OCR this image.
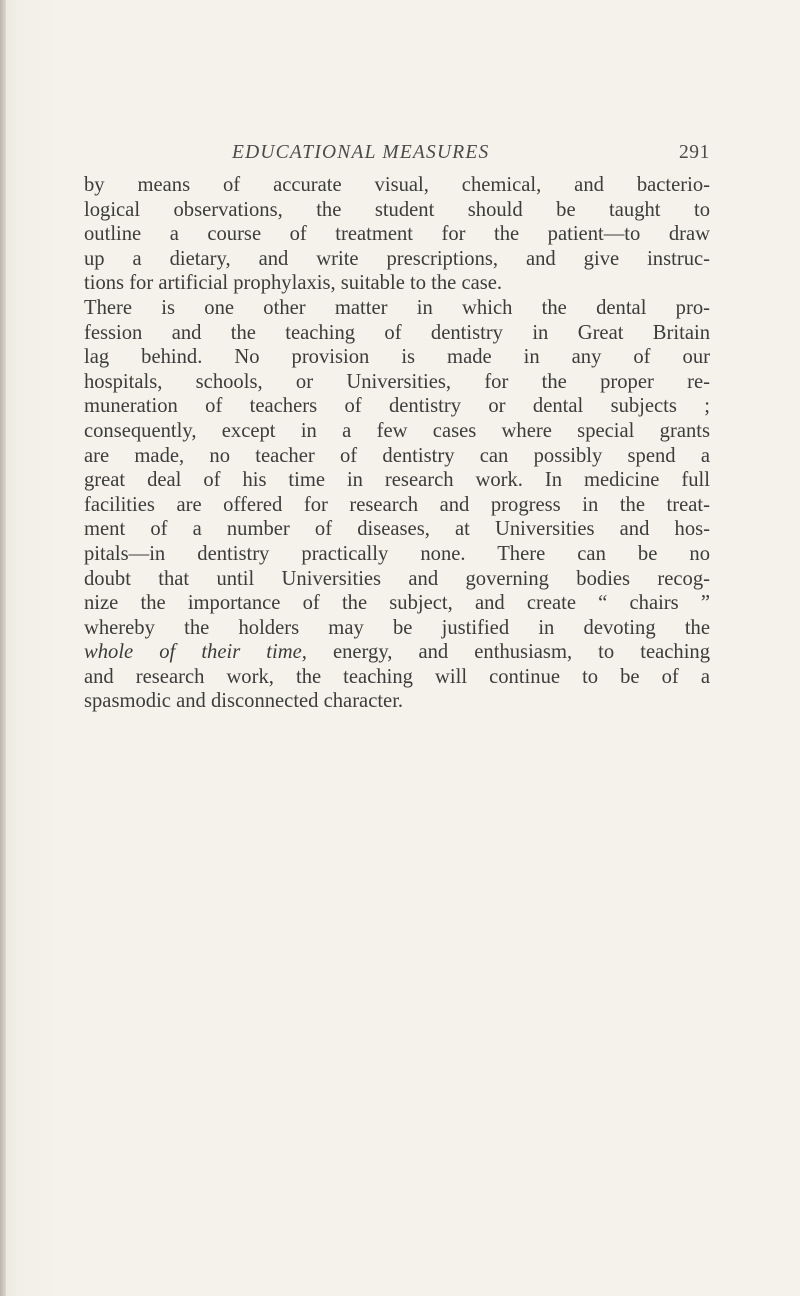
EDUCATIONAL MEASURES	291
by means of accurate visual, chemical, and bacterio-
logical observations, the student should be taught to
outline a course of treatment for the patient—to draw
up a dietary, and write prescriptions, and give instruc-
tions for artificial prophylaxis, suitable to the case.
There is one other matter in which the dental pro-
fession and the teaching of dentistry in Great Britain
lag behind. No provision is made in any of our
hospitals, schools, or Universities, for the proper re-
muneration of teachers of dentistry or dental subjects ;
consequently, except in a few cases where special grants
are made, no teacher of dentistry can possibly spend a
great deal of his time in research work. In medicine full
facilities are offered for research and progress in the treat-
ment of a number of diseases, at Universities and hos-
pitals—in dentistry practically none. There can be no
doubt that until Universities and governing bodies recog-
nize the importance of the subject, and create “ chairs ”
whereby the holders may be justified in devoting the
whole of their time, energy, and enthusiasm, to teaching
and research work, the teaching will continue to be of a
spasmodic and disconnected character.
